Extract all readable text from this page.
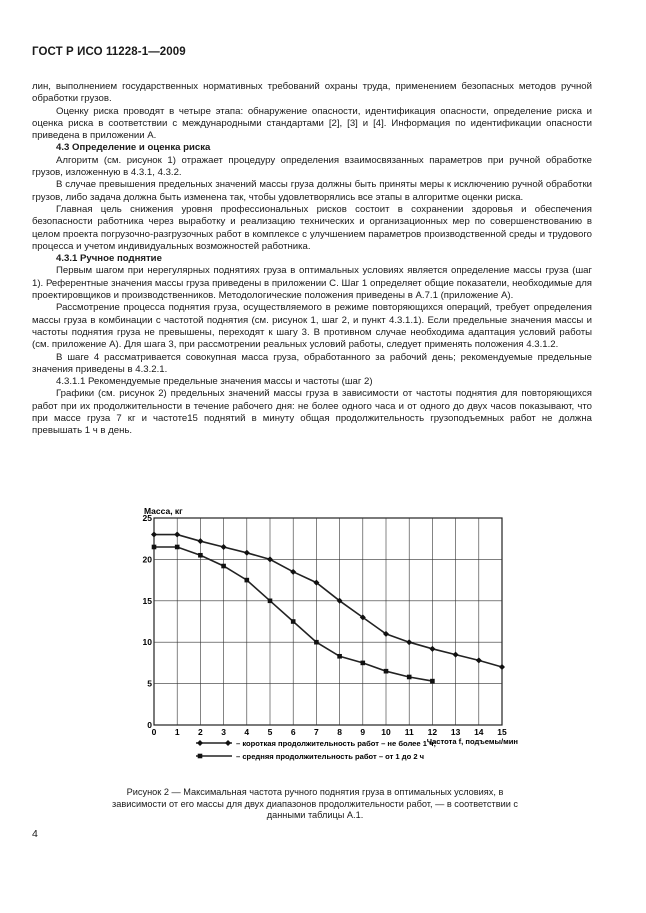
ГОСТ Р ИСО 11228-1—2009

лин, выполнением государственных нормативных требований охраны труда, применением безопасных методов ручной обработки грузов.

Оценку риска проводят в четыре этапа: обнаружение опасности, идентификация опасности, определение риска и оценка риска в соответствии с международными стандартами [2], [3] и [4]. Информация по идентификации опасности приведена в приложении А.

4.3 Определение и оценка риска

Алгоритм (см. рисунок 1) отражает процедуру определения взаимосвязанных параметров при ручной обработке грузов, изложенную в 4.3.1, 4.3.2.

В случае превышения предельных значений массы груза должны быть приняты меры к исключению ручной обработки грузов, либо задача должна быть изменена так, чтобы удовлетворялись все этапы в алгоритме оценки риска.

Главная цель снижения уровня профессиональных рисков состоит в сохранении здоровья и обеспечения безопасности работника через выработку и реализацию технических и организационных мер по совершенствованию в целом проекта погрузочно-разгрузочных работ в комплексе с улучшением параметров производственной среды и трудового процесса и учетом индивидуальных возможностей работника.

4.3.1 Ручное поднятие

Первым шагом при нерегулярных поднятиях груза в оптимальных условиях является определение массы груза (шаг 1). Референтные значения массы груза приведены в приложении С. Шаг 1 определяет общие показатели, необходимые для проектировщиков и производственников. Методологические положения приведены в А.7.1 (приложение А).

Рассмотрение процесса поднятия груза, осуществляемого в режиме повторяющихся операций, требует определения массы груза в комбинации с частотой поднятия (см. рисунок 1, шаг 2, и пункт 4.3.1.1). Если предельные значения массы и частоты поднятия груза не превышены, переходят к шагу 3. В противном случае необходима адаптация условий работы (см. приложение А). Для шага 3, при рассмотрении реальных условий работы, следует применять положения 4.3.1.2.

В шаге 4 рассматривается совокупная масса груза, обработанного за рабочий день; рекомендуемые предельные значения приведены в 4.3.2.1.

4.3.1.1 Рекомендуемые предельные значения массы и частоты (шаг 2)

Графики (см. рисунок 2) предельных значений массы груза в зависимости от частоты поднятия для повторяющихся работ при их продолжительности в течение рабочего дня: не более одного часа и от одного до двух часов показывают, что при массе груза 7 кг и частоте15 поднятий в минуту общая продолжительность грузоподъемных работ не должна превышать 1 ч в день.

0 1 2 3 4 5 6 7 8 9 10 11 12 13 14 15
0
5
10
15
20
25
Масса, кг
Частота f, подъемы/мин
– короткая продолжительность работ – не более 1 ч;
– средняя продолжительность работ – от 1 до 2 ч
Рисунок 2 — Максимальная частота ручного поднятия груза в оптимальных условиях, в зависимости от его массы для двух диапазонов продолжительности работ, — в соответствии с данными таблицы А.1.
4
